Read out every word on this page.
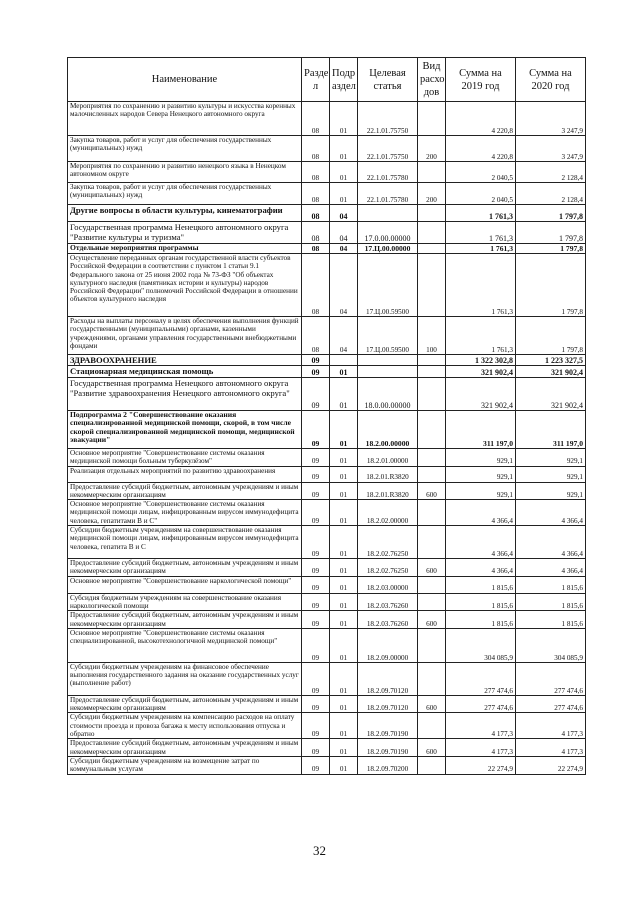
Наименование	Разде л	Подр аздел	Целевая статья	Вид расхо дов	Сумма на 2019 год	Сумма на 2020 год
Мероприятия по сохранению и развитию культуры и искусства коренных малочисленных народов Севера Ненецкого автономного округа	08	01	22.1.01.75750		4 220,8	3 247,9
Закупка товаров, работ и услуг для обеспечения государственных (муниципальных) нужд	08	01	22.1.01.75750	200	4 220,8	3 247,9
Мероприятия по сохранению и развитию ненецкого языка в Ненецком автономном округе	08	01	22.1.01.75780		2 040,5	2 128,4
Закупка товаров, работ и услуг для обеспечения государственных (муниципальных) нужд	08	01	22.1.01.75780	200	2 040,5	2 128,4
Другие вопросы в области культуры, кинематографии	08	04			1 761,3	1 797,8
Государственная программа Ненецкого автономного округа "Развитие культуры и туризма"	08	04	17.0.00.00000		1 761,3	1 797,8
Отдельные мероприятия программы	08	04	17.Ц.00.00000		1 761,3	1 797,8
Осуществление переданных органам государственной власти субъектов Российской Федерации в соответствии с пунктом 1 статьи 9.1 Федерального закона от 25 июня 2002 года № 73-ФЗ "Об объектах культурного наследия (памятниках истории и культуры) народов Российской Федерации" полномочий Российской Федерации в отношении объектов культурного наследия	08	04	17.Ц.00.59500		1 761,3	1 797,8
Расходы на выплаты персоналу в целях обеспечения выполнения функций государственными (муниципальными) органами, казенными учреждениями, органами управления государственными внебюджетными фондами	08	04	17.Ц.00.59500	100	1 761,3	1 797,8
ЗДРАВООХРАНЕНИЕ	09				1 322 302,8	1 223 327,5
Стационарная медицинская помощь	09	01			321 902,4	321 902,4
Государственная программа Ненецкого автономного округа "Развитие здравоохранения Ненецкого автономного округа"	09	01	18.0.00.00000		321 902,4	321 902,4
Подпрограмма 2 "Совершенствование оказания специализированной медицинской помощи, скорой, в том числе скорой специализированной медицинской помощи, медицинской эвакуации"	09	01	18.2.00.00000		311 197,0	311 197,0
Основное мероприятие "Совершенствование системы оказания медицинской помощи больным туберкулёзом"	09	01	18.2.01.00000		929,1	929,1
Реализация отдельных мероприятий по развитию здравоохранения	09	01	18.2.01.R3820		929,1	929,1
Предоставление субсидий бюджетным, автономным учреждениям и иным некоммерческим организациям	09	01	18.2.01.R3820	600	929,1	929,1
Основное мероприятие "Совершенствование системы оказания медицинской помощи лицам, инфицированным вирусом иммунодефицита человека, гепатитами В и С"	09	01	18.2.02.00000		4 366,4	4 366,4
Субсидии бюджетным учреждениям на совершенствование оказания медицинской помощи лицам, инфицированным вирусом иммунодефицита человека, гепатита В и С	09	01	18.2.02.76250		4 366,4	4 366,4
Предоставление субсидий бюджетным, автономным учреждениям и иным некоммерческим организациям	09	01	18.2.02.76250	600	4 366,4	4 366,4
Основное мероприятие "Совершенствование наркологической помощи"	09	01	18.2.03.00000		1 815,6	1 815,6
Субсидия бюджетным учреждениям на совершенствование оказания наркологической помощи	09	01	18.2.03.76260		1 815,6	1 815,6
Предоставление субсидий бюджетным, автономным учреждениям и иным некоммерческим организациям	09	01	18.2.03.76260	600	1 815,6	1 815,6
Основное мероприятие "Совершенствование системы оказания специализированной, высокотехнологичной медицинской помощи"	09	01	18.2.09.00000		304 085,9	304 085,9
Субсидии бюджетным учреждениям на финансовое обеспечение выполнения государственного задания на оказание государственных услуг (выполнение работ)	09	01	18.2.09.70120		277 474,6	277 474,6
Предоставление субсидий бюджетным, автономным учреждениям и иным некоммерческим организациям	09	01	18.2.09.70120	600	277 474,6	277 474,6
Субсидии бюджетным учреждениям на компенсацию расходов на оплату стоимости проезда и провоза багажа к месту использования отпуска и обратно	09	01	18.2.09.70190		4 177,3	4 177,3
Предоставление субсидий бюджетным, автономным учреждениям и иным некоммерческим организациям	09	01	18.2.09.70190	600	4 177,3	4 177,3
Субсидии бюджетным учреждениям на возмещение затрат по коммунальным услугам	09	01	18.2.09.70200		22 274,9	22 274,9
32
